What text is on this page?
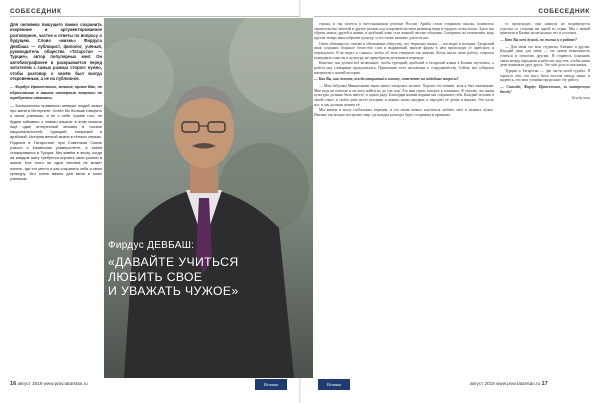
СОБЕСЕДНИК
Для человека пишущего важно сохранить искренние и аргументированное разговорное, частое и ответы по вопросу о будущем. Слово «жизнь» Фирдуса Девбаша — публицист, филолог, учёный, руководитель общества «Татарстан — Турция», автор популярных книг. Он автобиографичен и раскрывается перед читателем с самых разных сторон: нужно, чтобы разговор о своём был всегда откровенным, а не на публичное.
— Фирдус Ирекселович, многие, кроме Вас, не сбросившие в вашем интервью вопросы не требуется ставить.

— Большинство правильно меньше людей знают про меня в Интернете. Хотел бы больше говорить о своих учениках, а не о себе. Кроме того, не будем забывать о знании языков: в этом смысле ещё один интересный человек в тысяче национальностей: турецкий, татарский и арабский. Истории вечной жизни в тёплых семьях. Родился в Татарстане, при Советском Союзе учился в Казанском университете, а затем стажировался в Турции. Мы живём в эпоху, когда на каждом шагу требуется оценить свои усилия в жизни. Без этого ни один человек не может понять, где его место и как сохранить себя и свою культуру. Это очень важно для меня и моих учеников.

16 август 2019 www.prav.tatarstan.ru	Истина
Фирдус ДЕВБАШ:
«ДАВАЙТЕ УЧИТЬСЯ
ЛЮБИТЬ СВОЕ
И УВАЖАТЬ ЧУЖОЕ»
СОБЕСЕДНИК

страна, и так хочется в мусульманском регионе России. Арабы стали открывать школы, появилось строительство мечетей и другие реалии под покровительством развития веры в сердцах сотен тысяч. Здесь мы обрели новых друзей в жизни, и арабский язык стал важной частью общения. Смотришь на отношения, ведь кругом теперь многообразие культур, и это очень значимо для всех нас.

Свою обязанность считаю в объяснении обществу, что тюркские языки — наследие в истории. Татарский язык сохранил большое богатство слов и выражений, многие фразы в нём происходят от арабского и персидского. Я не видел и слышал, чтобы об этом говорили так широко. Когда писал свою работу, старался передавать смыслы и культуру, не пренебрегая деталями в переводе.

Конечно, мы делаем всё возможное, чтобы турецкий, арабский и татарский языки в Казани изучались, а работа над словарями продолжалась. Приглашаю всех желающих к сотрудничеству. Сейчас мы собираем материалы о нашей истории.

— Как Вы, как человек, всегда открытый к новому, отвечаете на подобные вопросы?

— Мои бабушки Миннеханим знала много татарских молитв. Хорошо это помню, хотя я был маленьким. Мне ведь не повезло и не могу найти их до сих пор. Это имя героя, которое я запомнил. Я считаю, что наши культуры должны быть вместе, в одном ряду. Благодаря нашим корням мы сохраняем себя. Каждый человек в своей семье, в своём доме несёт историю и память своих предков, и передаёт её детям и внукам. Это часть нас, и мы должны ценить её.

Мы живём в эпоху глобальных перемен, и это очень важно: научиться любить своё и уважать чужое. Именно так можно построить мир, где каждая культура будет сохранена и признана.

то происходит, они никогда не подвергнутся угрозам со стороны ни одной из стран. Мы с женой приехали в Казань на несколько лет и остались.

— Кто Вы всей душой, по жизни и в работе?

— Для меня это мои студенты, близкие и друзья. Каждый день для меня — это новая возможность учиться и помогать другим. Я стараюсь сохранять связи между народами и работать над тем, чтобы наши дети понимали друг друга. Это моё дело и моя жизнь.

Турция и Татарстан — две части моей судьбы. Я горжусь тем, что могу быть мостом между ними, и надеюсь, что мои ученики продолжат эту работу.

— Спасибо, Фирдус Ирекселович, за интересную беседу!
Беседу вела
Истина	август 2019 www.prav.tatarstan.ru 17
